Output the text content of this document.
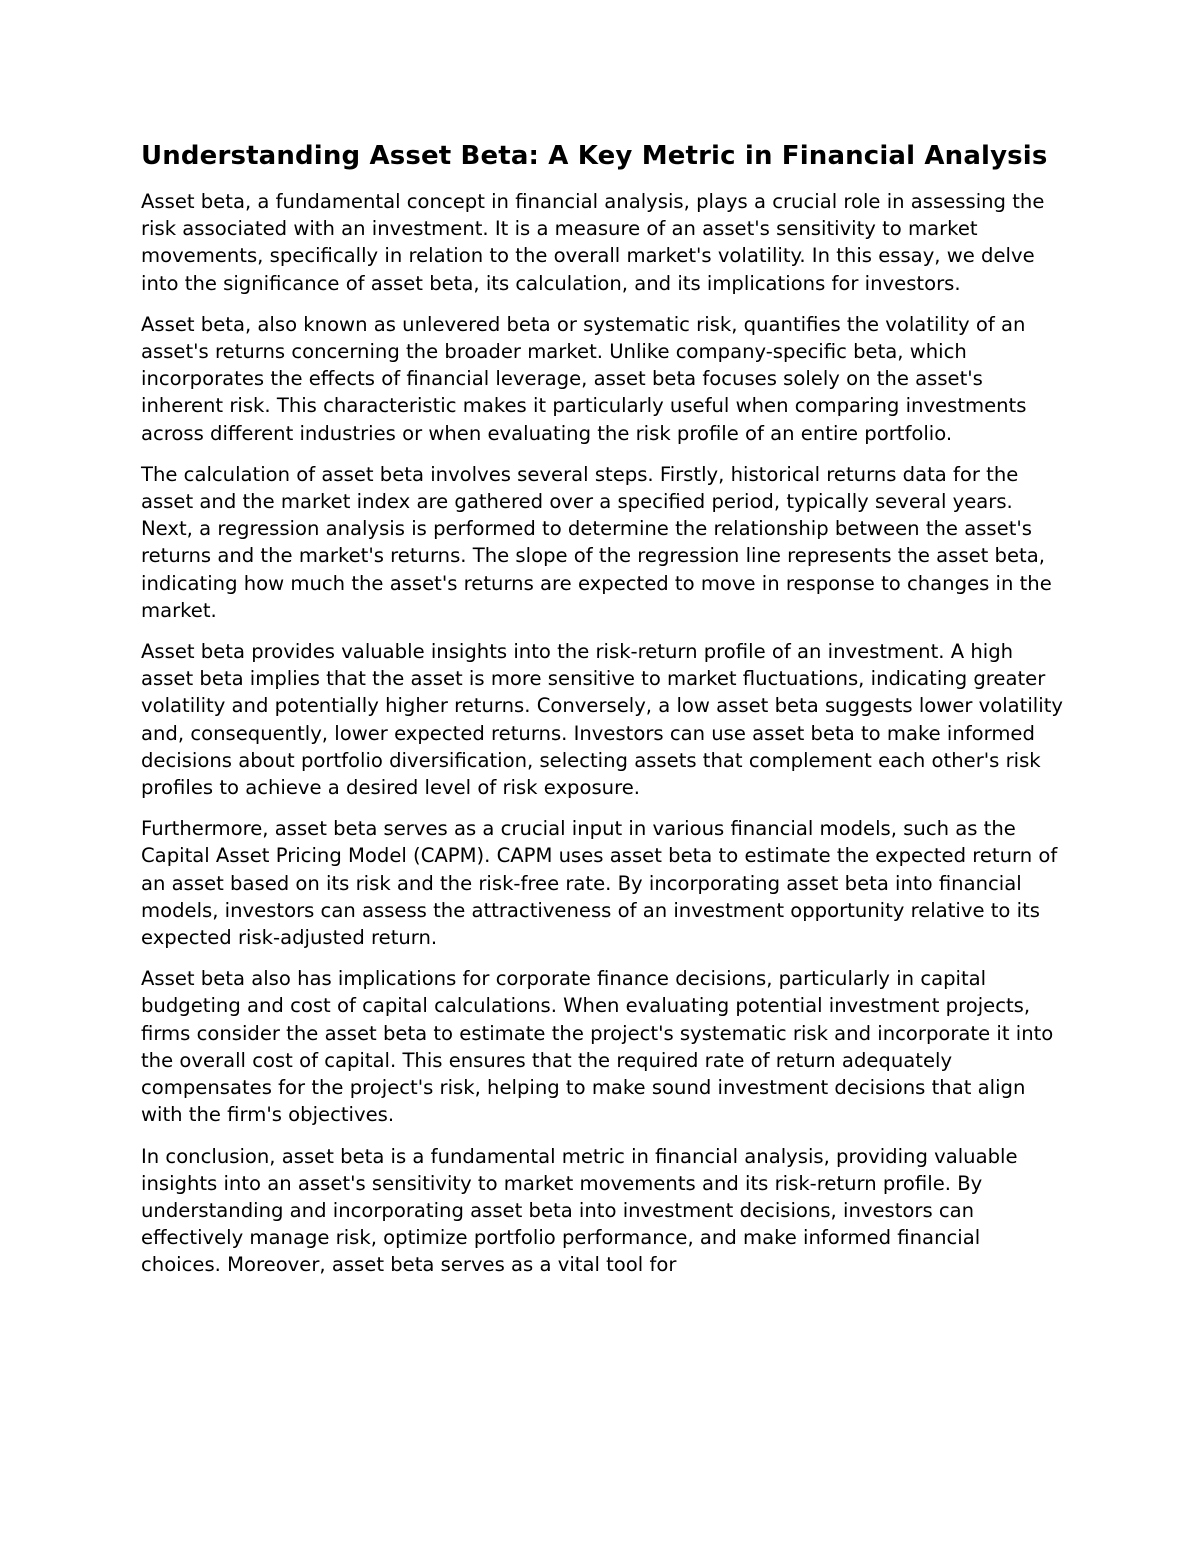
Understanding Asset Beta: A Key Metric in Financial Analysis

Asset beta, a fundamental concept in financial analysis, plays a crucial role in assessing the risk associated with an investment. It is a measure of an asset's sensitivity to market movements, specifically in relation to the overall market's volatility. In this essay, we delve into the significance of asset beta, its calculation, and its implications for investors.

Asset beta, also known as unlevered beta or systematic risk, quantifies the volatility of an asset's returns concerning the broader market. Unlike company-specific beta, which incorporates the effects of financial leverage, asset beta focuses solely on the asset's inherent risk. This characteristic makes it particularly useful when comparing investments across different industries or when evaluating the risk profile of an entire portfolio.

The calculation of asset beta involves several steps. Firstly, historical returns data for the asset and the market index are gathered over a specified period, typically several years. Next, a regression analysis is performed to determine the relationship between the asset's returns and the market's returns. The slope of the regression line represents the asset beta, indicating how much the asset's returns are expected to move in response to changes in the market.

Asset beta provides valuable insights into the risk-return profile of an investment. A high asset beta implies that the asset is more sensitive to market fluctuations, indicating greater volatility and potentially higher returns. Conversely, a low asset beta suggests lower volatility and, consequently, lower expected returns. Investors can use asset beta to make informed decisions about portfolio diversification, selecting assets that complement each other's risk profiles to achieve a desired level of risk exposure.

Furthermore, asset beta serves as a crucial input in various financial models, such as the Capital Asset Pricing Model (CAPM). CAPM uses asset beta to estimate the expected return of an asset based on its risk and the risk-free rate. By incorporating asset beta into financial models, investors can assess the attractiveness of an investment opportunity relative to its expected risk-adjusted return.

Asset beta also has implications for corporate finance decisions, particularly in capital budgeting and cost of capital calculations. When evaluating potential investment projects, firms consider the asset beta to estimate the project's systematic risk and incorporate it into the overall cost of capital. This ensures that the required rate of return adequately compensates for the project's risk, helping to make sound investment decisions that align with the firm's objectives.

In conclusion, asset beta is a fundamental metric in financial analysis, providing valuable insights into an asset's sensitivity to market movements and its risk-return profile. By understanding and incorporating asset beta into investment decisions, investors can effectively manage risk, optimize portfolio performance, and make informed financial choices. Moreover, asset beta serves as a vital tool for
